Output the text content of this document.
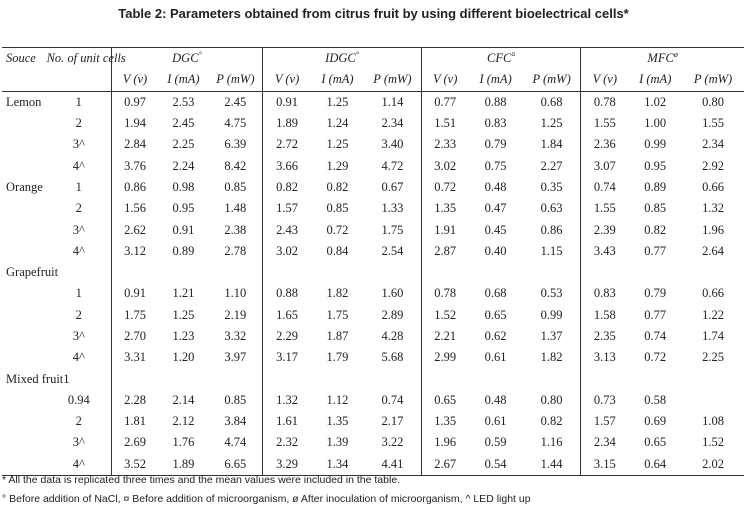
Table 2: Parameters obtained from citrus fruit by using different bioelectrical cells*
Souce	No. of unit cells	DGC°			IDGC°			CFC¤			$MFC^ø$
		V (v)	I (mA)	P (mW)	V (v)	I (mA)	P (mW)	V (v)	I (mA)	P (mW)	V (v)	I (mA)	P (mW)
Lemon	1	0.97	2.53	2.45	0.91	1.25	1.14	0.77	0.88	0.68	0.78	1.02	0.80
	2	1.94	2.45	4.75	1.89	1.24	2.34	1.51	0.83	1.25	1.55	1.00	1.55
	3^	2.84	2.25	6.39	2.72	1.25	3.40	2.33	0.79	1.84	2.36	0.99	2.34
	4^	3.76	2.24	8.42	3.66	1.29	4.72	3.02	0.75	2.27	3.07	0.95	2.92
Orange	1	0.86	0.98	0.85	0.82	0.82	0.67	0.72	0.48	0.35	0.74	0.89	0.66
	2	1.56	0.95	1.48	1.57	0.85	1.33	1.35	0.47	0.63	1.55	0.85	1.32
	3^	2.62	0.91	2.38	2.43	0.72	1.75	1.91	0.45	0.86	2.39	0.82	1.96
	4^	3.12	0.89	2.78	3.02	0.84	2.54	2.87	0.40	1.15	3.43	0.77	2.64
Grapefruit													
	1	0.91	1.21	1.10	0.88	1.82	1.60	0.78	0.68	0.53	0.83	0.79	0.66
	2	1.75	1.25	2.19	1.65	1.75	2.89	1.52	0.65	0.99	1.58	0.77	1.22
	3^	2.70	1.23	3.32	2.29	1.87	4.28	2.21	0.62	1.37	2.35	0.74	1.74
	4^	3.31	1.20	3.97	3.17	1.79	5.68	2.99	0.61	1.82	3.13	0.72	2.25
Mixed fruit1													
	0.94	2.28	2.14	0.85	1.32	1.12	0.74	0.65	0.48	0.80	0.73	0.58	
	2	1.81	2.12	3.84	1.61	1.35	2.17	1.35	0.61	0.82	1.57	0.69	1.08
	3^	2.69	1.76	4.74	2.32	1.39	3.22	1.96	0.59	1.16	2.34	0.65	1.52
	4^	3.52	1.89	6.65	3.29	1.34	4.41	2.67	0.54	1.44	3.15	0.64	2.02
* All the data is replicated three times and the mean values were included in the table.
° Before addition of NaCl, ¤ Before addition of microorganism, ø After inoculation of microorganism, ^ LED light up
